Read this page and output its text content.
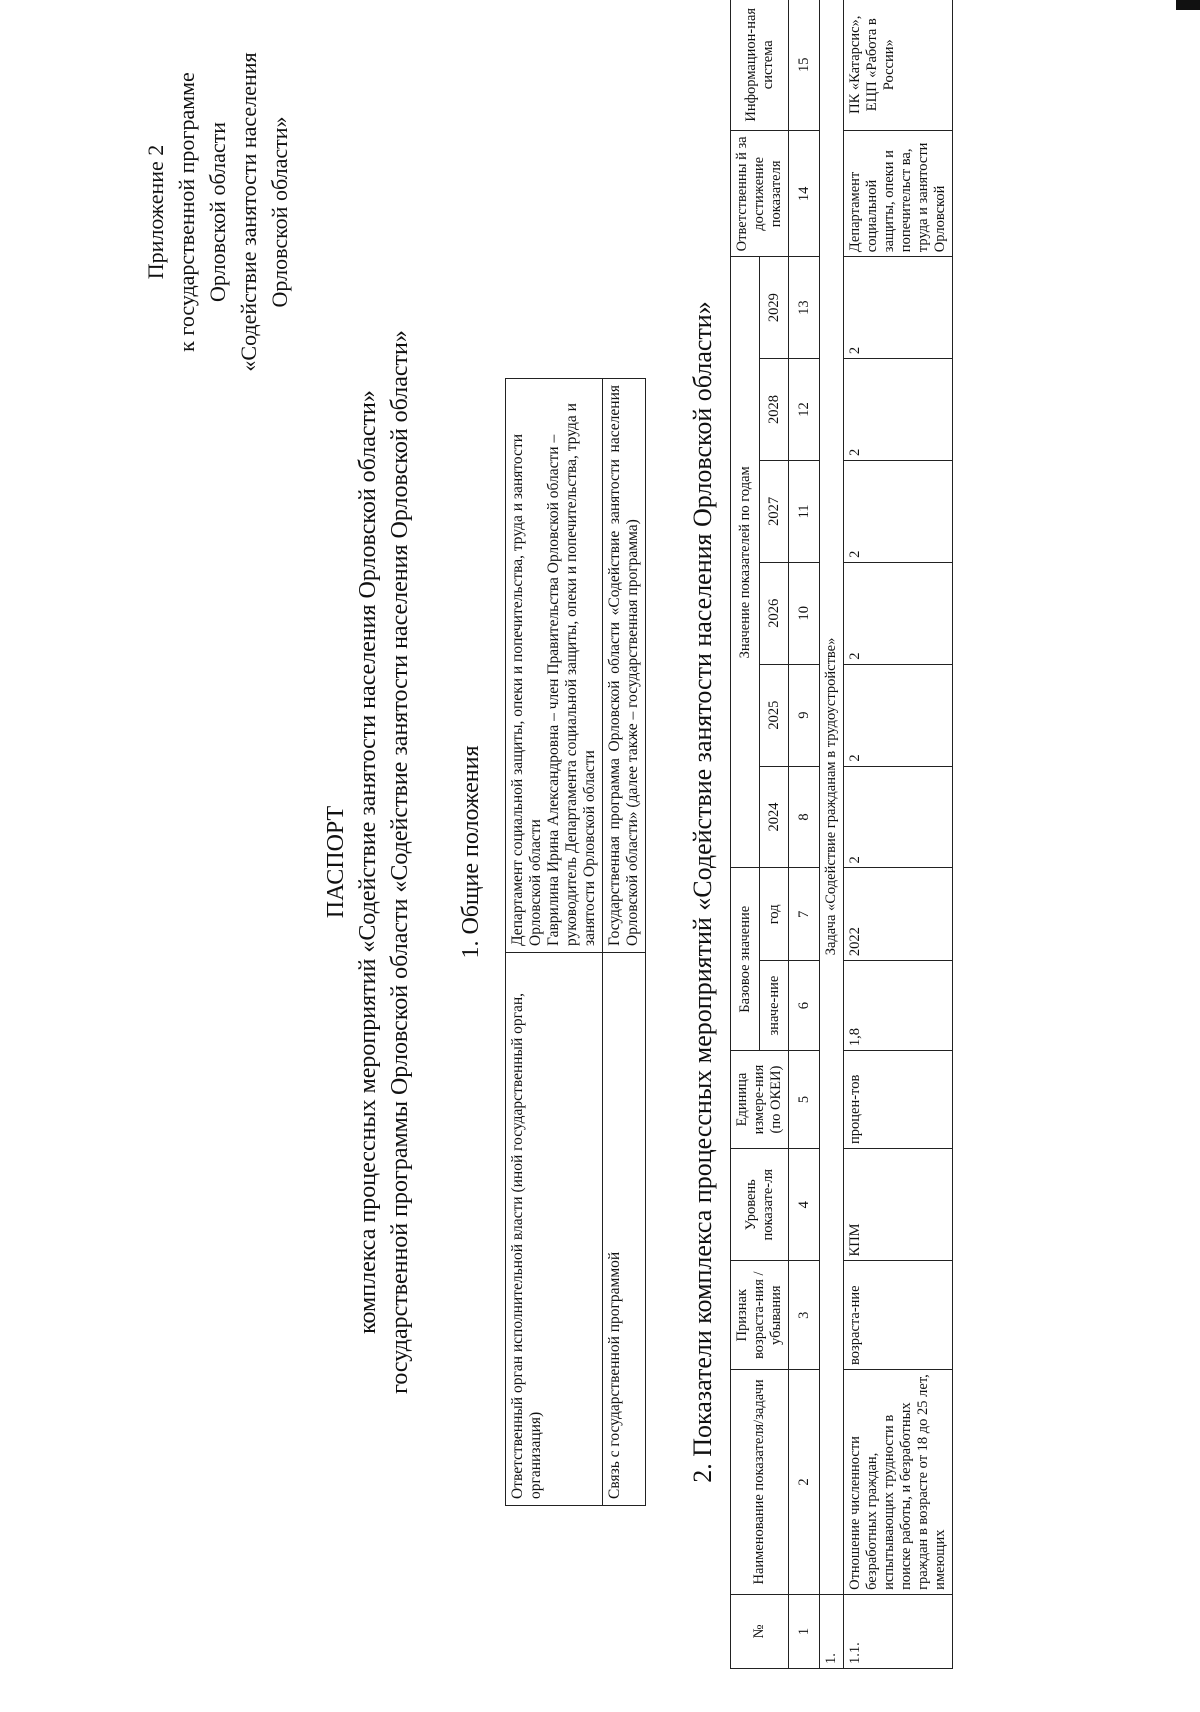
Приложение 2 к государственной программе Орловской области «Содействие занятости населения Орловской области»
ПАСПОРТ комплекса процессных мероприятий «Содействие занятости населения Орловской области» государственной программы Орловской области «Содействие занятости населения Орловской области» 1. Общие положения
Ответственный орган исполнительной власти (иной государственный орган, организация)	Департамент социальной защиты, опеки и попечительства, труда и занятости Орловской области Гаврилина Ирина Александровна – член Правительства Орловской области – руководитель Департамента социальной защиты, опеки и попечительства, труда и занятости Орловской области

Связь с государственной программой	Государственная программа Орловской области «Содействие занятости населения Орловской области» (далее также – государственная программа) 2. Показатели комплекса процессных мероприятий «Содействие занятости населения Орловской области»
№	Наименование показателя/задачи	Признак возраста-ния / убывания	Уровень показате-ля	Единица измере-ния (по ОКЕИ)	Базовое значение		Значение показателей по годам						Ответственны й за достижение показателя	Информацион-ная система
					значе-ние	год	2024	2025	2026	2027	2028	2029		
1	2	3	4	5	6	7	8	9	10	11	12	13	14	15
1.	Задача «Содействие гражданам в трудоустройстве»													
1.1.	Отношение численности безработных граждан, испытывающих трудности в поиске работы, и безработных граждан в возрасте от 18 до 25 лет, имеющих	возраста-ние	КПМ	процен-тов	1,8	2022	2	2	2	2	2	2	Департамент социальной защиты, опеки и попечительст ва, труда и занятости Орловской	ПК «Катарсис», ЕЦП «Работа в России»
